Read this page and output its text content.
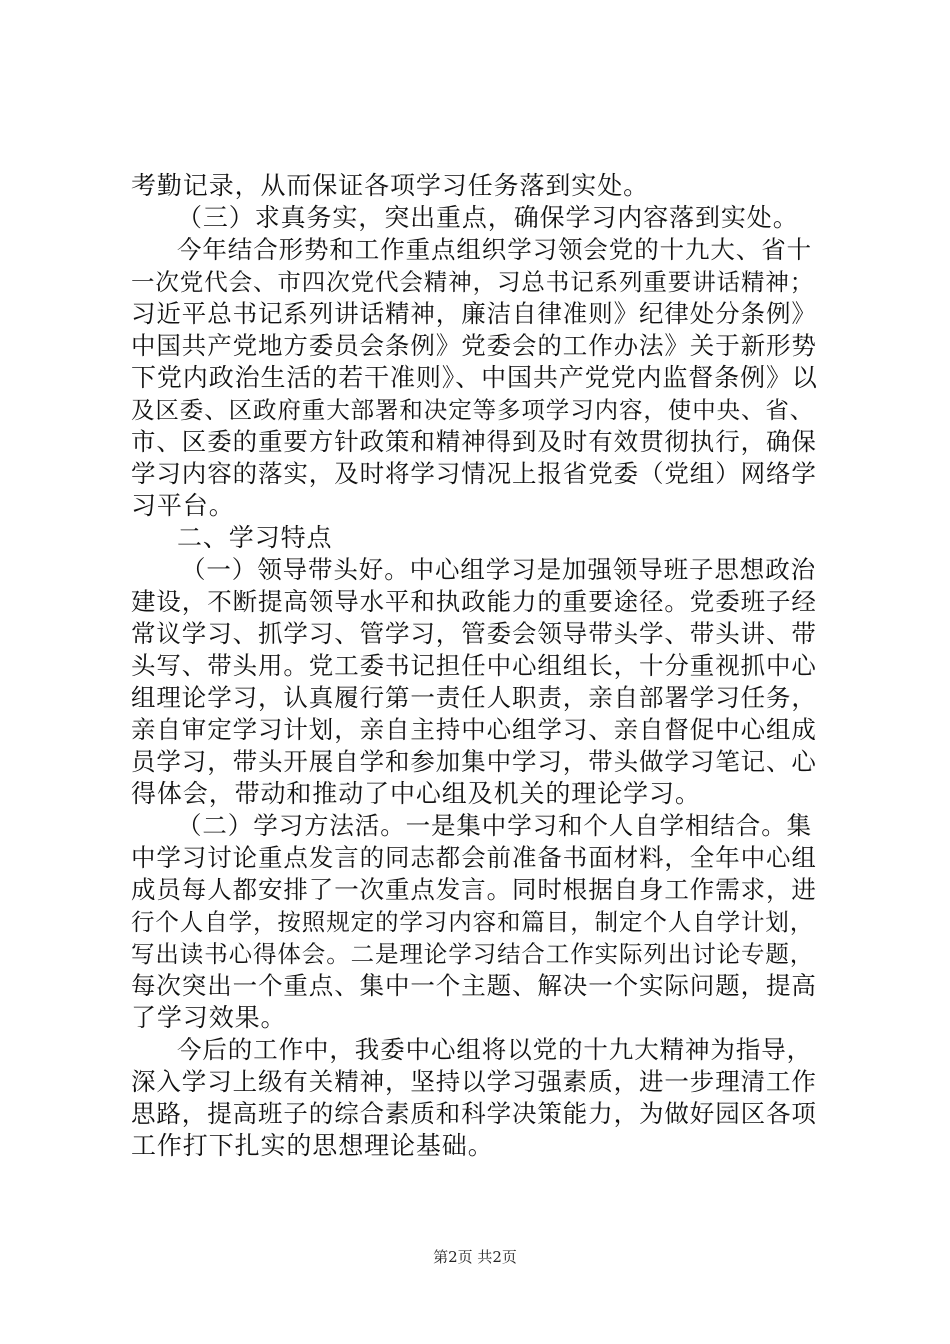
考勤记录，从而保证各项学习任务落到实处。
（三）求真务实，突出重点，确保学习内容落到实处。
今年结合形势和工作重点组织学习领会党的十九大、省十
一次党代会、市四次党代会精神，习总书记系列重要讲话精神；
习近平总书记系列讲话精神，廉洁自律准则》纪律处分条例》
中国共产党地方委员会条例》党委会的工作办法》关于新形势
下党内政治生活的若干准则》、中国共产党党内监督条例》以
及区委、区政府重大部署和决定等多项学习内容，使中央、省、
市、区委的重要方针政策和精神得到及时有效贯彻执行，确保
学习内容的落实，及时将学习情况上报省党委（党组）网络学
习平台。
二、学习特点
（一）领导带头好。中心组学习是加强领导班子思想政治
建设，不断提高领导水平和执政能力的重要途径。党委班子经
常议学习、抓学习、管学习，管委会领导带头学、带头讲、带
头写、带头用。党工委书记担任中心组组长，十分重视抓中心
组理论学习，认真履行第一责任人职责，亲自部署学习任务，
亲自审定学习计划，亲自主持中心组学习、亲自督促中心组成
员学习，带头开展自学和参加集中学习，带头做学习笔记、心
得体会，带动和推动了中心组及机关的理论学习。
（二）学习方法活。一是集中学习和个人自学相结合。集
中学习讨论重点发言的同志都会前准备书面材料，全年中心组
成员每人都安排了一次重点发言。同时根据自身工作需求，进
行个人自学，按照规定的学习内容和篇目，制定个人自学计划，
写出读书心得体会。二是理论学习结合工作实际列出讨论专题，
每次突出一个重点、集中一个主题、解决一个实际问题，提高
了学习效果。
今后的工作中，我委中心组将以党的十九大精神为指导，
深入学习上级有关精神，坚持以学习强素质，进一步理清工作
思路，提高班子的综合素质和科学决策能力，为做好园区各项
工作打下扎实的思想理论基础。
第2页 共2页
